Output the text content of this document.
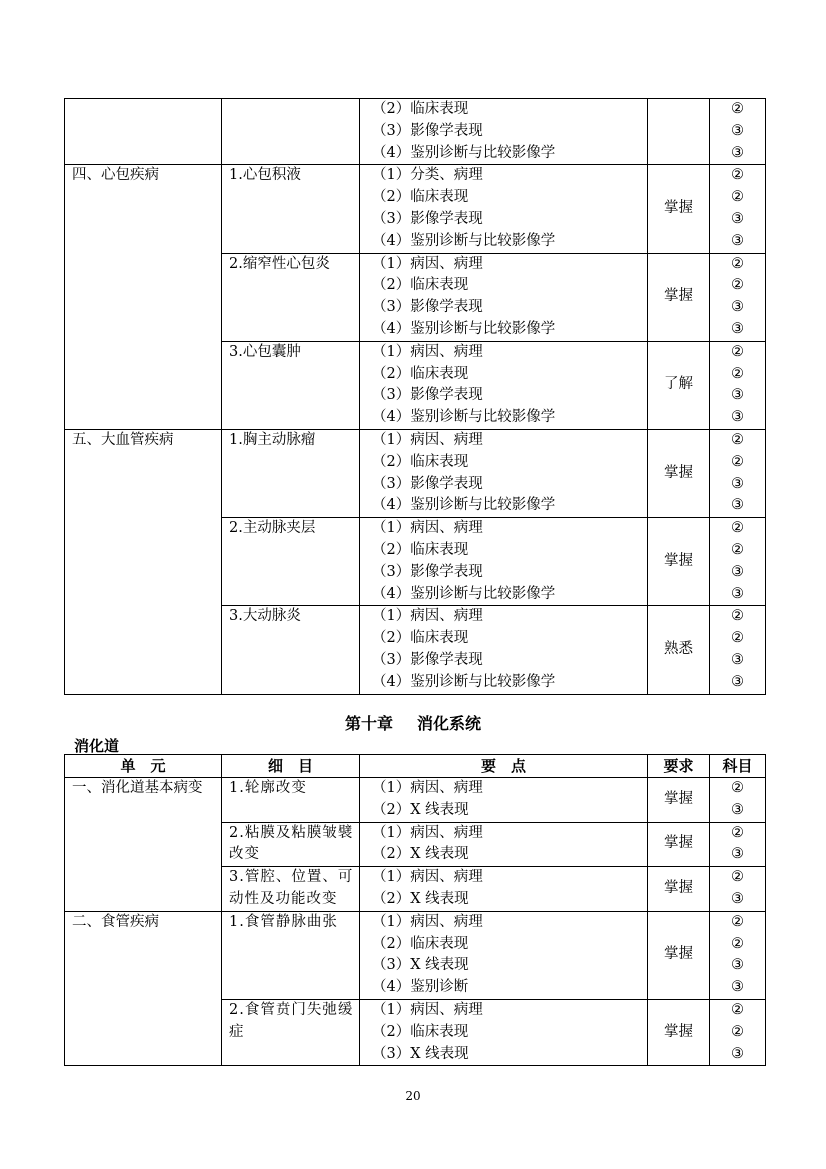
		（2）临床表现
（3）影像学表现
（4）鉴别诊断与比较影像学		②
③
③

四、心包疾病	1.心包积液	（1）分类、病理
（2）临床表现
（3）影像学表现
（4）鉴别诊断与比较影像学	掌握	②
②
③
③

	2.缩窄性心包炎	（1）病因、病理
（2）临床表现
（3）影像学表现
（4）鉴别诊断与比较影像学	掌握	②
②
③
③

	3.心包囊肿	（1）病因、病理
（2）临床表现
（3）影像学表现
（4）鉴别诊断与比较影像学	了解	②
②
③
③

五、大血管疾病	1.胸主动脉瘤	（1）病因、病理
（2）临床表现
（3）影像学表现
（4）鉴别诊断与比较影像学	掌握	②
②
③
③

	2.主动脉夹层	（1）病因、病理
（2）临床表现
（3）影像学表现
（4）鉴别诊断与比较影像学	掌握	②
②
③
③

	3.大动脉炎	（1）病因、病理
（2）临床表现
（3）影像学表现
（4）鉴别诊断与比较影像学	熟悉	②
②
③
③
第十章 消化系统
消化道
单　元	细　目	要　点	要求	科目
一、消化道基本病变	1.轮廓改变	（1）病因、病理
（2）X 线表现	掌握	②
③

	2.粘膜及粘膜皱襞改变	（1）病因、病理
（2）X 线表现	掌握	②
③

	3.管腔、位置、可动性及功能改变	（1）病因、病理
（2）X 线表现	掌握	②
③

二、食管疾病	1.食管静脉曲张	（1）病因、病理
（2）临床表现
（3）X 线表现
（4）鉴别诊断	掌握	②
②
③
③

	2.食管贲门失弛缓症	（1）病因、病理
（2）临床表现
（3）X 线表现	掌握	②
②
③
20
